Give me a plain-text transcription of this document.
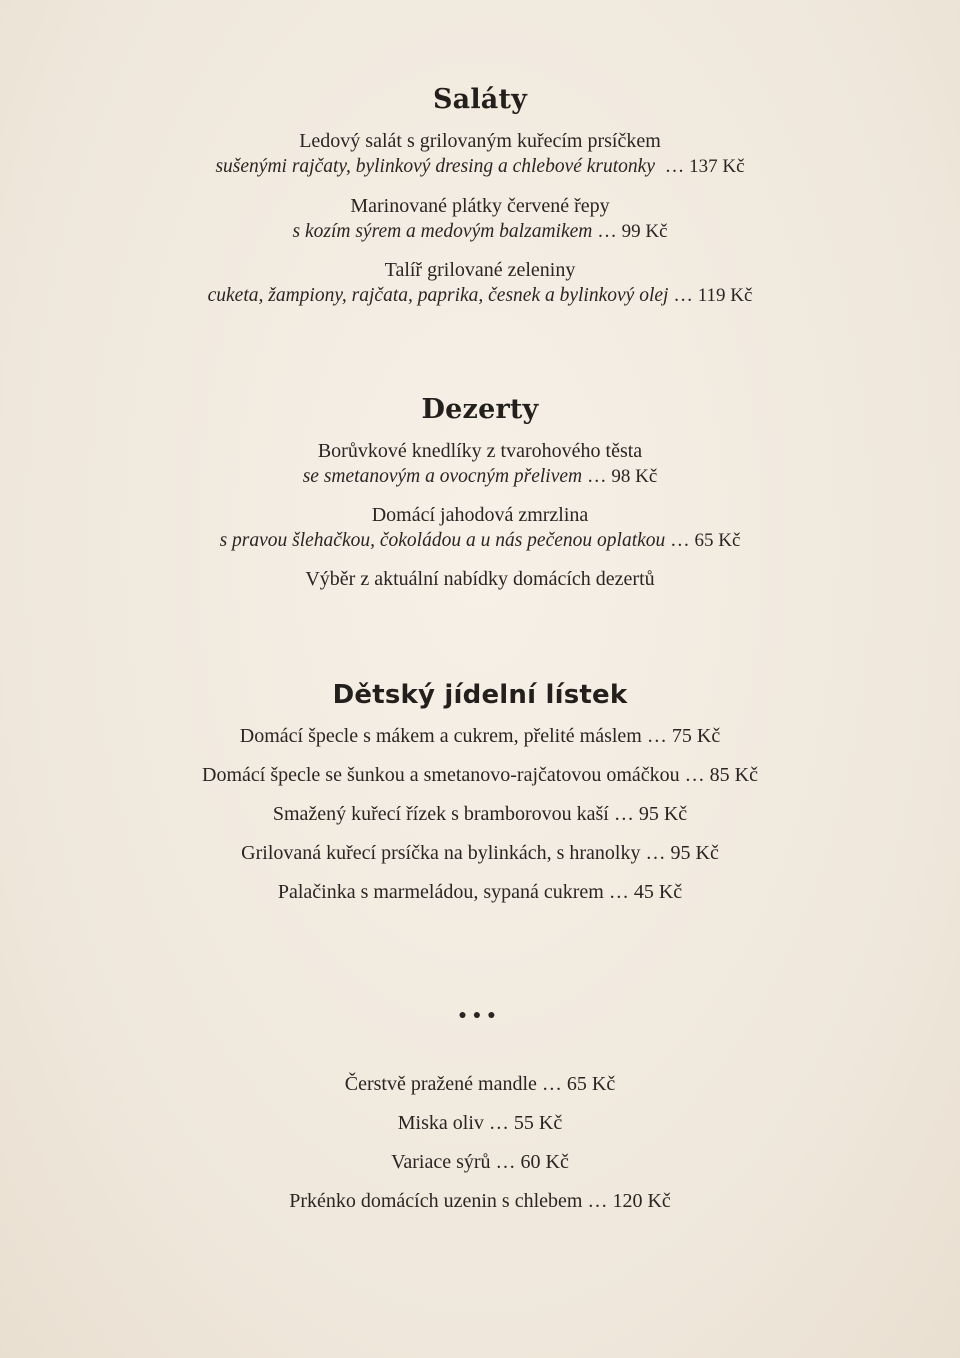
Saláty
Ledový salát s grilovaným kuřecím prsíčkem
sušenými rajčaty, bylinkový dresing a chlebové krutonky … 137 Kč
Marinované plátky červené řepy
s kozím sýrem a medovým balzamikem … 99 Kč
Talíř grilované zeleniny
cuketa, žampiony, rajčata, paprika, česnek a bylinkový olej … 119 Kč
Dezerty
Borůvkové knedlíky z tvarohového těsta
se smetanovým a ovocným přelivem … 98 Kč
Domácí jahodová zmrzlina
s pravou šlehačkou, čokoládou a u nás pečenou oplatkou … 65 Kč
Výběr z aktuální nabídky domácích dezertů
Dětský jídelní lístek
Domácí špecle s mákem a cukrem, přelité máslem … 75 Kč
Domácí špecle se šunkou a smetanovo-rajčatovou omáčkou … 85 Kč
Smažený kuřecí řízek s bramborovou kaší … 95 Kč
Grilovaná kuřecí prsíčka na bylinkách, s hranolky … 95 Kč
Palačinka s marmeládou, sypaná cukrem … 45 Kč
●●●
Čerstvě pražené mandle … 65 Kč
Miska oliv … 55 Kč
Variace sýrů … 60 Kč
Prkénko domácích uzenin s chlebem … 120 Kč
